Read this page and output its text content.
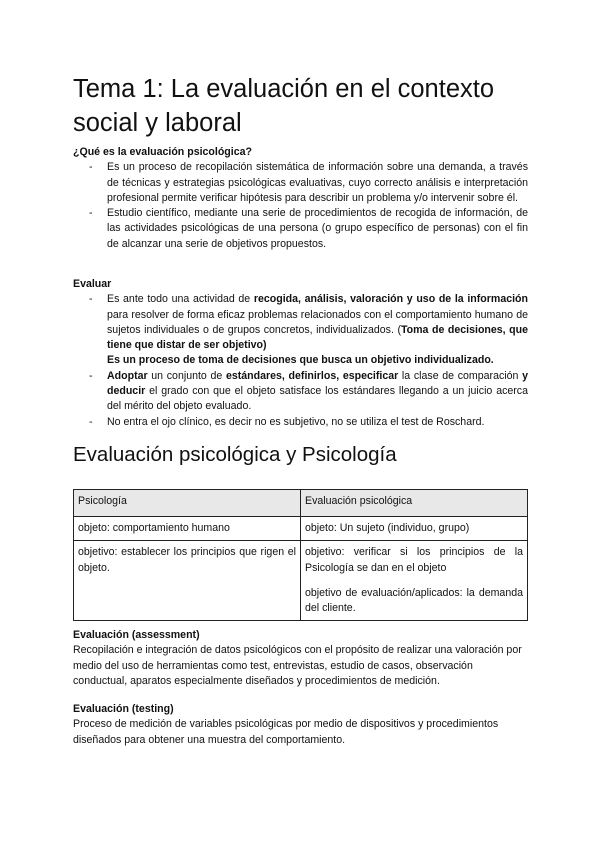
Tema 1: La evaluación en el contexto social y laboral

¿Qué es la evaluación psicológica?

- Es un proceso de recopilación sistemática de información sobre una demanda, a través de técnicas y estrategias psicológicas evaluativas, cuyo correcto análisis e interpretación profesional permite verificar hipótesis para describir un problema y/o intervenir sobre él.
- Estudio científico, mediante una serie de procedimientos de recogida de información, de las actividades psicológicas de una persona (o grupo específico de personas) con el fin de alcanzar una serie de objetivos propuestos.

Evaluar

- Es ante todo una actividad de recogida, análisis, valoración y uso de la información para resolver de forma eficaz problemas relacionados con el comportamiento humano de sujetos individuales o de grupos concretos, individualizados. (Toma de decisiones, que tiene que distar de ser objetivo)
Es un proceso de toma de decisiones que busca un objetivo individualizado.
- Adoptar un conjunto de estándares, definirlos, especificar la clase de comparación y deducir el grado con que el objeto satisface los estándares llegando a un juicio acerca del mérito del objeto evaluado.
- No entra el ojo clínico, es decir no es subjetivo, no se utiliza el test de Roschard.
Evaluación psicológica y Psicología
Psicología	Evaluación psicológica
objeto: comportamiento humano	objeto: Un sujeto (individuo, grupo)

objetivo: establecer los principios que rigen el objeto.	objetivo: verificar si los principios de la Psicología se dan en el objeto

objetivo de evaluación/aplicados: la demanda del cliente.

Evaluación (assessment)

Recopilación e integración de datos psicológicos con el propósito de realizar una valoración por medio del uso de herramientas como test, entrevistas, estudio de casos, observación conductual, aparatos especialmente diseñados y procedimientos de medición.

Evaluación (testing)

Proceso de medición de variables psicológicas por medio de dispositivos y procedimientos diseñados para obtener una muestra del comportamiento.
